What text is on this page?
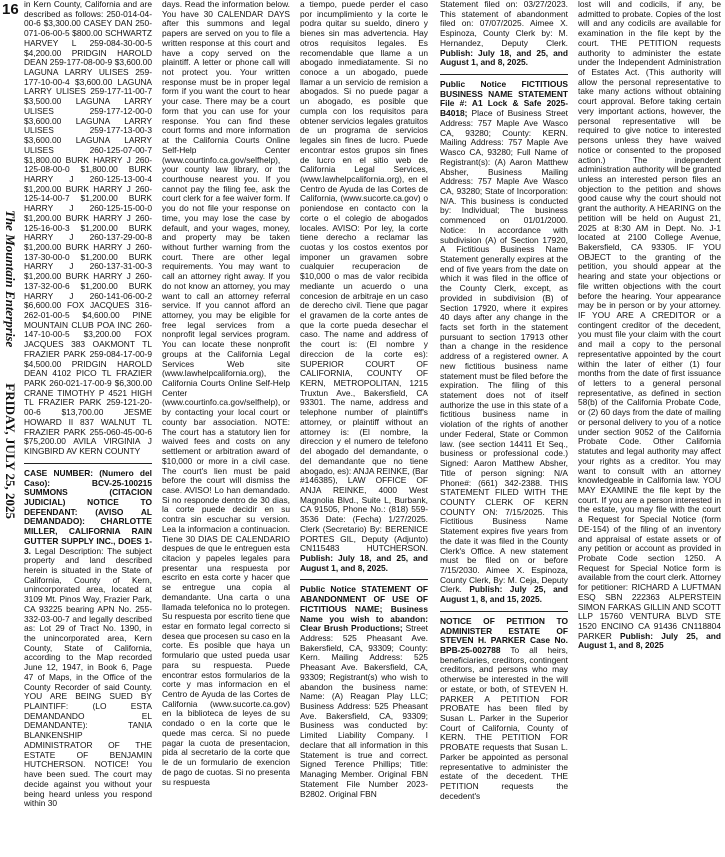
16
The Mountain EnterpriseFRIDAY, JULY 25, 2025

in Kern County, California and are described as follows: 250-014-04-00-6 $3,300.00 CASEY DAN 250-071-06-00-5 $800.00 SCHWARTZ HARVEY L 259-084-30-00-5 $4,200.00 PRIDGIN HAROLD DEAN 259-177-08-00-9 $3,600.00 LAGUNA LARRY ULISES 259-177-10-00-4 $3,600.00 LAGUNA LARRY ULISES 259-177-11-00-7 $3,500.00 LAGUNA LARRY ULISES 259-177-12-00-0 $3,600.00 LAGUNA LARRY ULISES 259-177-13-00-3 $3,600.00 LAGUNA LARRY ULISES 260-125-07-00-7 $1,800.00 BURK HARRY J 260-125-08-00-0 $1,800.00 BURK HARRY J 260-125-13-00-4 $1,200.00 BURK HARRY J 260-125-14-00-7 $1,200.00 BURK HARRY J 260-125-15-00-0 $1,200.00 BURK HARRY J 260-125-16-00-3 $1,200.00 BURK HARRY J 260-137-29-00-8 $1,200.00 BURK HARRY J 260-137-30-00-0 $1,200.00 BURK HARRY J 260-137-31-00-3 $1,200.00 BURK HARRY J 260-137-32-00-6 $1,200.00 BURK HARRY J 260-141-06-00-2 $6,600.00 FOX JACQUES 316-262-01-00-5 $4,600.00 PINE MOUNTAIN CLUB POA INC 260-147-10-00-5 $3,200.00 FOX JACQUES 383 OAKMONT TL FRAZIER PARK 259-084-17-00-9 $4,500.00 PRIDGIN HAROLD DEAN 4102 PICO TL FRAZIER PARK 260-021-17-00-9 $6,300.00 CRANE TIMOTHY P 4521 HIGH TL FRAZIER PARK 259-121-20-00-6 $13,700.00 JESME HOWARD II 837 WALNUT TL FRAZIER PARK 255-060-45-00-6 $75,200.00 AVILA VIRGINIA J KINGBIRD AV KERN COUNTY

CASE NUMBER: (Numero del Caso): BCV-25-100215 SUMMONS (CITACION JUDICIAL) NOTICE TO DEFENDANT: (AVISO AL DEMANDADO): CHARLOTTE MILLER, CALIFORNIA RAIN GUTTER SUPPLY INC., DOES 1-3. Legal Description: The subject property and land described herein is situated in the State of California, County of Kern, unincorporated area, located at 3109 Mt. Pinos Way, Frazier Park, CA 93225 bearing APN No. 255-332-03-00-7 and legally described as: Lot 29 of Tract No. 1390, in the unincorporated area, Kern County, State of California, according to the Map recorded June 12, 1947, in Book 6, Page 47 of Maps, in the Office of the County Recorder of said County. YOU ARE BEING SUED BY PLAINTIFF: (LO ESTA DEMANDANDO EL DEMANDANTE): TANIA BLANKENSHIP ADMINISTRATOR OF THE ESTATE OF BENJAMIN HUTCHERSON. NOTICE! You have been sued. The court may decide against you without your being heard unless you respond within 30

days. Read the information below. You have 30 CALENDAR DAYS after this summons and legal papers are served on you to file a written response at this court and have a copy served on the plaintiff. A letter or phone call will not protect you. Your written response must be in proper legal form if you want the court to hear your case. There may be a court form that you can use for your response. You can find these court forms and more information at the California Courts Online Self-Help Center (www.courtinfo.ca.gov/selfhelp), your county law library, or the courthouse nearest you. If you cannot pay the filing fee, ask the court clerk for a fee waiver form. If you do not file your response on time, you may lose the case by default, and your wages, money, and property may be taken without further warning from the court. There are other legal requirements. You may want to call an attorney right away. If you do not know an attorney, you may want to call an attorney referral service. If you cannot afford an attorney, you may be eligible for free legal services from a nonprofit legal services program. You can locate these nonprofit groups at the California Legal Services Web site (www.lawhelpcalifornia.org), the California Courts Online Self-Help Center (www.courtinfo.ca.gov/selfhelp), or by contacting your local court or county bar association. NOTE: The court has a statutory lien for waived fees and costs on any settlement or arbitration award of $10,000 or more in a civil case. The court's lien must be paid before the court will dismiss the case. AVISO! Lo han demandado. Si no responde dentro de 30 dias, la corte puede decidir en su contra sin escuchar su version. Lea la informacion a continuacion. Tiene 30 DIAS DE CALENDARIO despues de que le entreguen esta citacion y papeles legales para presentar una respuesta por escrito en esta corte y hacer que se entregue una copia al demandante. Una carta o una llamada telefonica no lo protegen. Su respuesta por escrito tiene que estar en formato legal correcto si desea que procesen su caso en la corte. Es posible que haya un formulario que usted pueda usar para su respuesta. Puede encontrar estos formularios de la corte y mas informacion en el Centro de Ayuda de las Cortes de California (www.sucorte.ca.gov) en la biblioteca de leyes de su condado o en la corte que le quede mas cerca. Si no puede pagar la cuota de presentacion, pida al secretario de la corte que le de un formulario de exencion de pago de cuotas. Si no presenta su respuesta

a tiempo, puede perder el caso por incumplimiento y la corte le podra quitar su sueldo, dinero y bienes sin mas advertencia. Hay otros requisitos legales. Es recomendable que llame a un abogado inmediatamente. Si no conoce a un abogado, puede llamar a un servicio de remision a abogados. Si no puede pagar a un abogado, es posible que cumpla con los requisitos para obtener servicios legales gratuitos de un programa de servicios legales sin fines de lucro. Puede encontrar estos grupos sin fines de lucro en el sitio web de California Legal Services, (www.lawhelpcalifornia.org), en el Centro de Ayuda de las Cortes de California, (www.sucorte.ca.gov) o poniendose en contacto con la corte o el colegio de abogados locales. AVISO: Por ley, la corte tiene derecho a reclamar las cuotas y los costos exentos por imponer un gravamen sobre cualquier recuperacion de $10,000 o mas de valor recibida mediante un acuerdo o una concesion de arbitraje en un caso de derecho civil. Tiene que pagar el gravamen de la corte antes de que la corte pueda desechar el caso. The name and address of the court is: (El nombre y direccion de la corte es): SUPERIOR COURT OF CALIFORNIA, COUNTY OF KERN, METROPOLITAN, 1215 Truxtun Ave., Bakersfield, CA 93301. The name, address and telephone number of plaintiff's attorney, or plaintiff without an attorney is: (El nombre, la direccion y el numero de telefono del abogado del demandante, o del demandante que no tiene abogado, es): ANJA REINKE, (Bar #146385), LAW OFFICE OF ANJA REINKE, 4000 West Magnolia Blvd., Suite L, Burbank, CA 91505, Phone No.: (818) 559-3536 Date: (Fecha) 1/27/2025. Clerk (Secretario) By: BERENICE PORTES GIL, Deputy (Adjunto) CN115483 HUTCHERSON. Publish: July 18, and 25, and August 1, and 8, 2025.

Public Notice STATEMENT OF ABANDONMENT OF USE OF FICTITIOUS NAME; Business Name you wish to abandon: Clear Brush Productions; Street Address: 525 Pheasant Ave. Bakersfield, CA, 93309; County: Kern. Mailing Address: 525 Pheasant Ave. Bakersfield, CA, 93309; Registrant(s) who wish to abandon the business name: Name: (A) Reagan Play LLC; Business Address: 525 Pheasant Ave. Bakersfield, CA, 93309; Business was conducted by: Limited Liability Company. I declare that all information in this Statement is true and correct. Signed Terence Phillips; Title: Managing Member. Original FBN Statement File Number 2023-B2802. Original FBN

Statement filed on: 03/27/2023. This statement of abandonment filed on: 07/07/2025. Aimee X. Espinoza, County Clerk by: M. Hernandez, Deputy Clerk. Publish: July 18, and 25, and August 1, and 8, 2025.

Public Notice FICTITIOUS BUSINESS NAME STATEMENT File #: A1 Lock & Safe 2025-B4018; Place of Business Street Address: 757 Maple Ave Wasco CA, 93280; County: KERN. Mailing Address: 757 Maple Ave Wasco CA, 93280; Full Name of Registrant(s): (A) Aaron Matthew Absher, Business Mailing Address: 757 Maple Ave Wasco CA, 93280; State of Incorporation: N/A. This business is conducted by: Individual; The business commenced on 01/01/2000. Notice: In accordance with subdivision (A) of Section 17920, A Fictitious Business Name Statement generally expires at the end of five years from the date on which it was filed in the office of the County Clerk, except, as provided in subdivision (B) of Section 17920, where it expires 40 days after any change in the facts set forth in the statement pursuant to section 17913 other than a change in the residence address of a registered owner. A new fictitious business name statement must be filed before the expiration. The filing of this statement does not of itself authorize the use in this state of a fictitious business name in violation of the rights of another under Federal, State or Common law. (see section 14411 Et Seq., business or professional code.) Signed: Aaron Matthew Absher, Title of person signing: N/A Phone#: (661) 342-2388. THIS STATEMENT FILED WITH THE COUNTY CLERK OF KERN COUNTY ON: 7/15/2025. This Fictitious Business Name Statement expires five years from the date it was filed in the County Clerk's Office. A new statement must be filed on or before 7/15/2030. Aimee X. Espinoza, County Clerk, By: M. Ceja, Deputy Clerk. Publish: July 25, and August 1, 8, and 15, 2025.

NOTICE OF PETITION TO ADMINISTER ESTATE OF STEVEN H. PARKER Case No. BPB-25-002788 To all heirs, beneficiaries, creditors, contingent creditors, and persons who may otherwise be interested in the will or estate, or both, of STEVEN H. PARKER A PETITION FOR PROBATE has been filed by Susan L. Parker in the Superior Court of California, County of KERN. THE PETITION FOR PROBATE requests that Susan L. Parker be appointed as personal representative to administer the estate of the decedent. THE PETITION requests the decedent's

lost will and codicils, if any, be admitted to probate. Copies of the lost will and any codicils are available for examination in the file kept by the court. THE PETITION requests authority to administer the estate under the Independent Administration of Estates Act. (This authority will allow the personal representative to take many actions without obtaining court approval. Before taking certain very important actions, however, the personal representative will be required to give notice to interested persons unless they have waived notice or consented to the proposed action.) The independent administration authority will be granted unless an interested person files an objection to the petition and shows good cause why the court should not grant the authority. A HEARING on the petition will be held on August 21, 2025 at 8:30 AM in Dept. No. J-1 located at 2100 College Avenue, Bakersfield, CA 93305. IF YOU OBJECT to the granting of the petition, you should appear at the hearing and state your objections or file written objections with the court before the hearing. Your appearance may be in person or by your attorney. IF YOU ARE A CREDITOR or a contingent creditor of the decedent, you must file your claim with the court and mail a copy to the personal representative appointed by the court within the later of either (1) four months from the date of first issuance of letters to a general personal representative, as defined in section 58(b) of the California Probate Code, or (2) 60 days from the date of mailing or personal delivery to you of a notice under section 9052 of the California Probate Code. Other California statutes and legal authority may affect your rights as a creditor. You may want to consult with an attorney knowledgeable in California law. YOU MAY EXAMINE the file kept by the court. If you are a person interested in the estate, you may file with the court a Request for Special Notice (form DE-154) of the filing of an inventory and appraisal of estate assets or of any petition or account as provided in Probate Code section 1250. A Request for Special Notice form is available from the court clerk. Attorney for petitioner: RICHARD A LUFTMAN ESQ SBN 222363 ALPERSTEIN SIMON FARKAS GILLIN AND SCOTT LLP 15760 VENTURA BLVD STE 1520 ENCINO CA 91436 CN118804 PARKER Publish: July 25, and August 1, and 8, 2025
